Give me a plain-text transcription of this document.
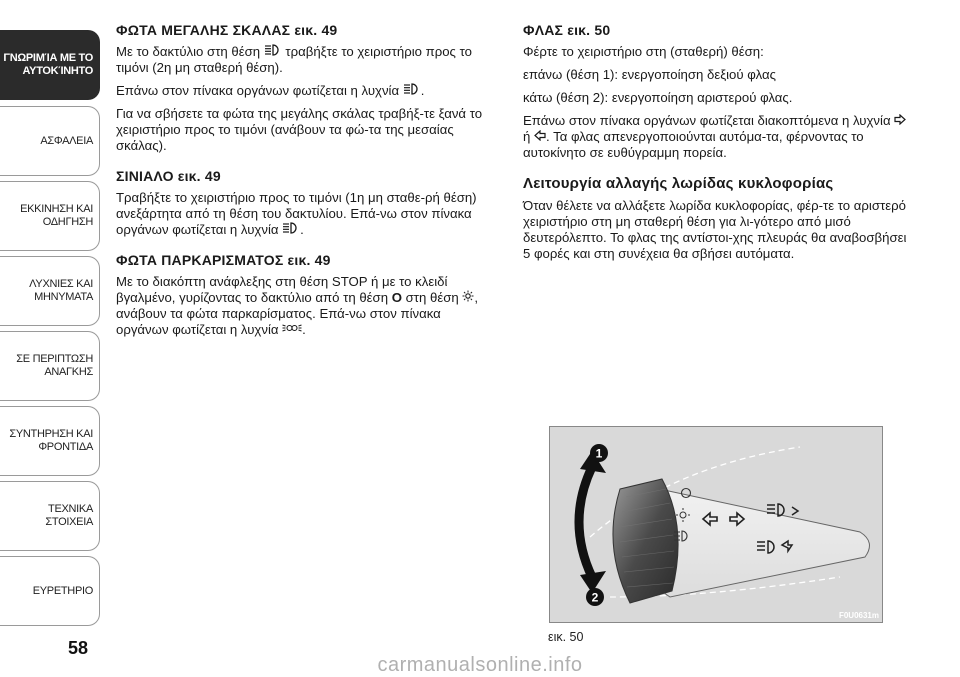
ΓΝΩΡΙΜΊΑ ΜΕ ΤΟ
ΑΥΤΟΚΊΝΗΤΟ
ΑΣΦΑΛΕΙΑ
ΕΚΚΙΝΗΣΗ ΚΑΙ
ΟΔΗΓΗΣΗ
ΛΥΧΝΙΕΣ ΚΑΙ
ΜΗΝΥΜΑΤΑ
ΣΕ ΠΕΡΙΠΤΩΣΗ
ΑΝΑΓΚΗΣ
ΣΥΝΤΗΡΗΣΗ ΚΑΙ
ΦΡΟΝΤΙΔΑ
ΤΕΧΝΙΚΑ ΣΤΟΙΧΕΙΑ
ΕΥΡΕΤΗΡΙΟ
58
ΦΩΤΑ ΜΕΓΑΛΗΣ ΣΚΑΛΑΣ εικ. 49

Με το δακτύλιο στη θέση  τραβήξτε το χειριστήριο προς το τιμόνι (2η μη σταθερή θέση).

Επάνω στον πίνακα οργάνων φωτίζεται η λυχνία .

Για να σβήσετε τα φώτα της μεγάλης σκάλας τραβήξ-τε ξανά το χειριστήριο προς το τιμόνι (ανάβουν τα φώ-τα της μεσαίας σκάλας).

ΣΙΝΙΑΛΟ εικ. 49

Τραβήξτε το χειριστήριο προς το τιμόνι (1η μη σταθε-ρή θέση) ανεξάρτητα από τη θέση του δακτυλίου. Επά-νω στον πίνακα οργάνων φωτίζεται η λυχνία .

ΦΩΤΑ ΠΑΡΚΑΡΙΣΜΑΤΟΣ εικ. 49

Με το διακόπτη ανάφλεξης στη θέση STOP ή με το κλειδί βγαλμένο, γυρίζοντας το δακτύλιο από τη θέση O στη θέση , ανάβουν τα φώτα παρκαρίσματος. Επά-νω στον πίνακα οργάνων φωτίζεται η λυχνία .

ΦΛΑΣ εικ. 50

Φέρτε το χειριστήριο στη (σταθερή) θέση:

επάνω (θέση 1): ενεργοποίηση δεξιού φλας

κάτω (θέση 2): ενεργοποίηση αριστερού φλας.

Επάνω στον πίνακα οργάνων φωτίζεται διακοπτόμενα η λυχνία  ή . Τα φλας απενεργοποιούνται αυτόμα-τα, φέρνοντας το αυτοκίνητο σε ευθύγραμμη πορεία.

Λειτουργία αλλαγής λωρίδας κυκλοφορίας

Όταν θέλετε να αλλάξετε λωρίδα κυκλοφορίας, φέρ-τε το αριστερό χειριστήριο στη μη σταθερή θέση για λι-γότερο από μισό δευτερόλεπτο. Το φλας της αντίστοι-χης πλευράς θα αναβοσβήσει 5 φορές και στη συνέχεια θα σβήσει αυτόματα.

1
2
F0U0631m
εικ. 50
carmanualsonline.info
